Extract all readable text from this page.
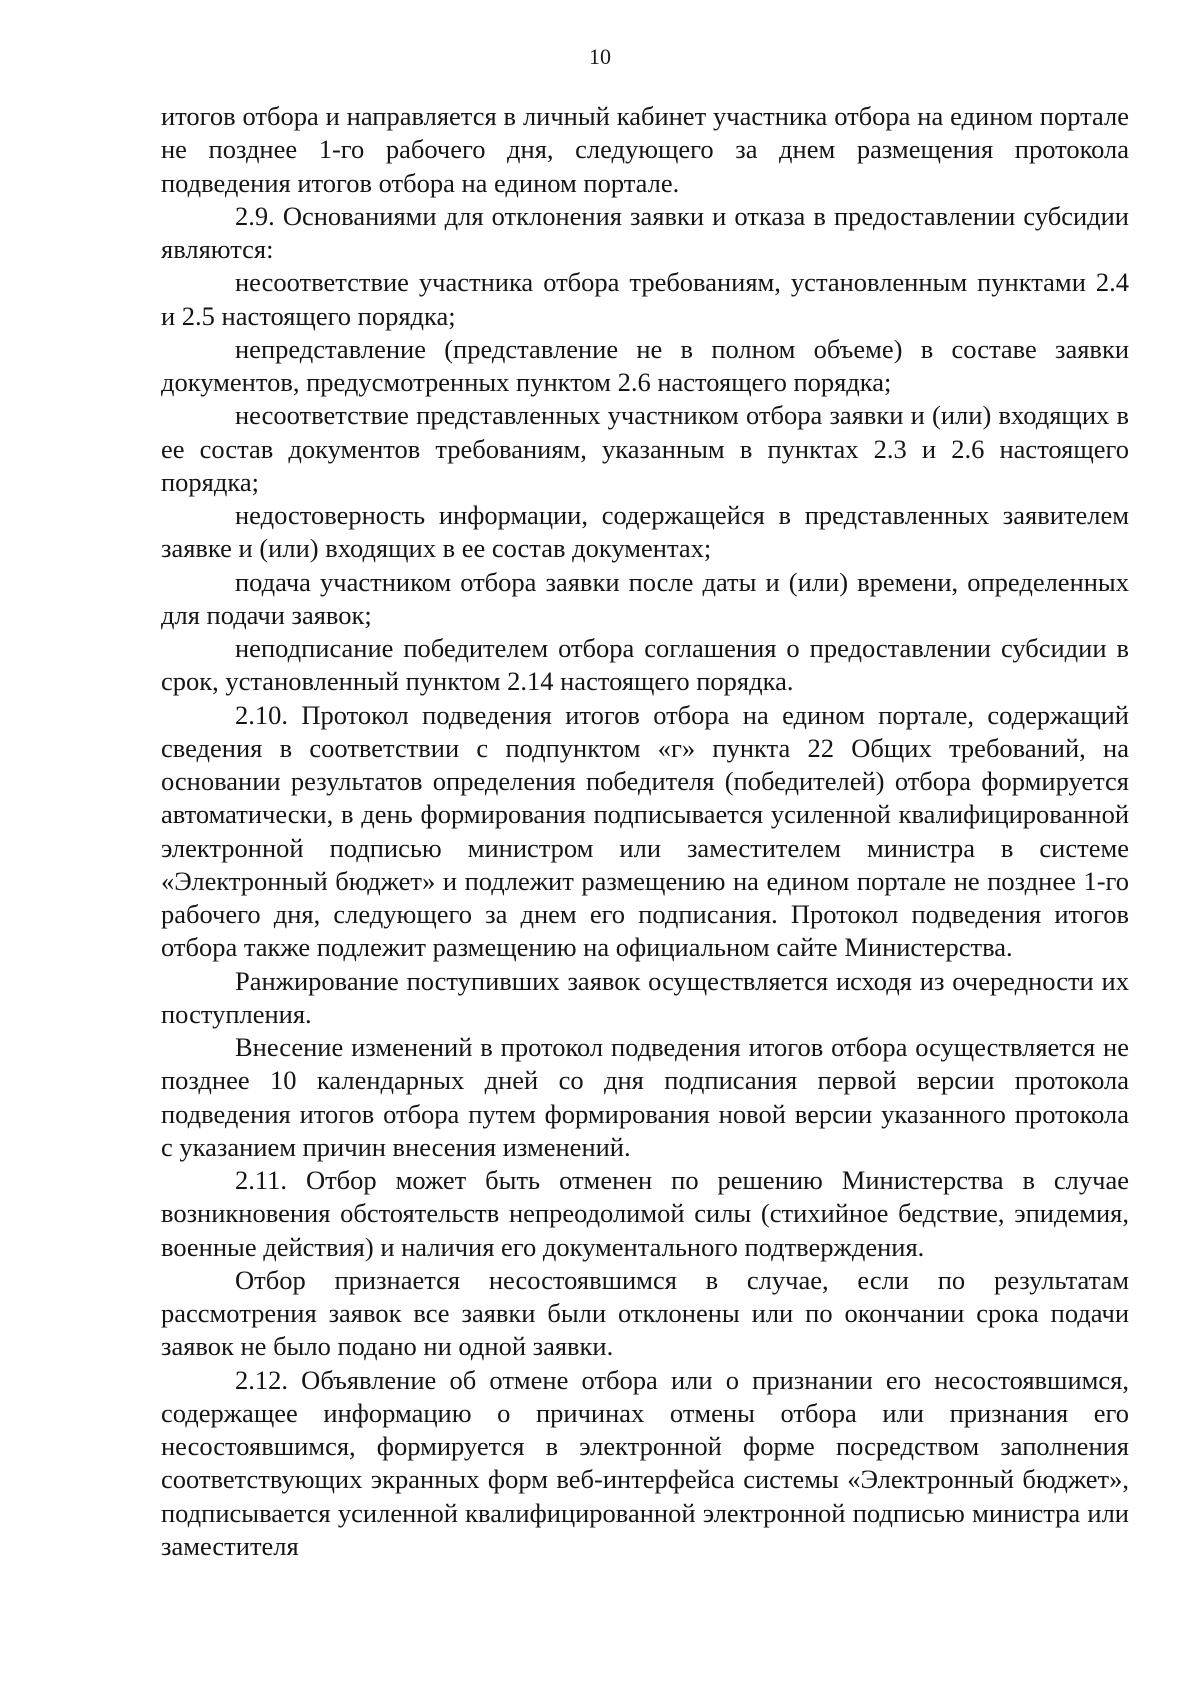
10

итогов отбора и направляется в личный кабинет участника отбора на едином портале не позднее 1-го рабочего дня, следующего за днем размещения протокола подведения итогов отбора на едином портале.

2.9. Основаниями для отклонения заявки и отказа в предоставлении субсидии являются:

несоответствие участника отбора требованиям, установленным пунктами 2.4 и 2.5 настоящего порядка;

непредставление (представление не в полном объеме) в составе заявки документов, предусмотренных пунктом 2.6 настоящего порядка;

несоответствие представленных участником отбора заявки и (или) входящих в ее состав документов требованиям, указанным в пунктах 2.3 и 2.6 настоящего порядка;

недостоверность информации, содержащейся в представленных заявителем заявке и (или) входящих в ее состав документах;

подача участником отбора заявки после даты и (или) времени, определенных для подачи заявок;

неподписание победителем отбора соглашения о предоставлении субсидии в срок, установленный пунктом 2.14 настоящего порядка.

2.10. Протокол подведения итогов отбора на едином портале, содержащий сведения в соответствии с подпунктом «г» пункта 22 Общих требований, на основании результатов определения победителя (победителей) отбора формируется автоматически, в день формирования подписывается усиленной квалифицированной электронной подписью министром или заместителем министра в системе «Электронный бюджет» и подлежит размещению на едином портале не позднее 1-го рабочего дня, следующего за днем его подписания. Протокол подведения итогов отбора также подлежит размещению на официальном сайте Министерства.

Ранжирование поступивших заявок осуществляется исходя из очередности их поступления.

Внесение изменений в протокол подведения итогов отбора осуществляется не позднее 10 календарных дней со дня подписания первой версии протокола подведения итогов отбора путем формирования новой версии указанного протокола с указанием причин внесения изменений.

2.11. Отбор может быть отменен по решению Министерства в случае возникновения обстоятельств непреодолимой силы (стихийное бедствие, эпидемия, военные действия) и наличия его документального подтверждения.

Отбор признается несостоявшимся в случае, если по результатам рассмотрения заявок все заявки были отклонены или по окончании срока подачи заявок не было подано ни одной заявки.

2.12. Объявление об отмене отбора или о признании его несостоявшимся, содержащее информацию о причинах отмены отбора или признания его несостоявшимся, формируется в электронной форме посредством заполнения соответствующих экранных форм веб-интерфейса системы «Электронный бюджет», подписывается усиленной квалифицированной электронной подписью министра или заместителя
